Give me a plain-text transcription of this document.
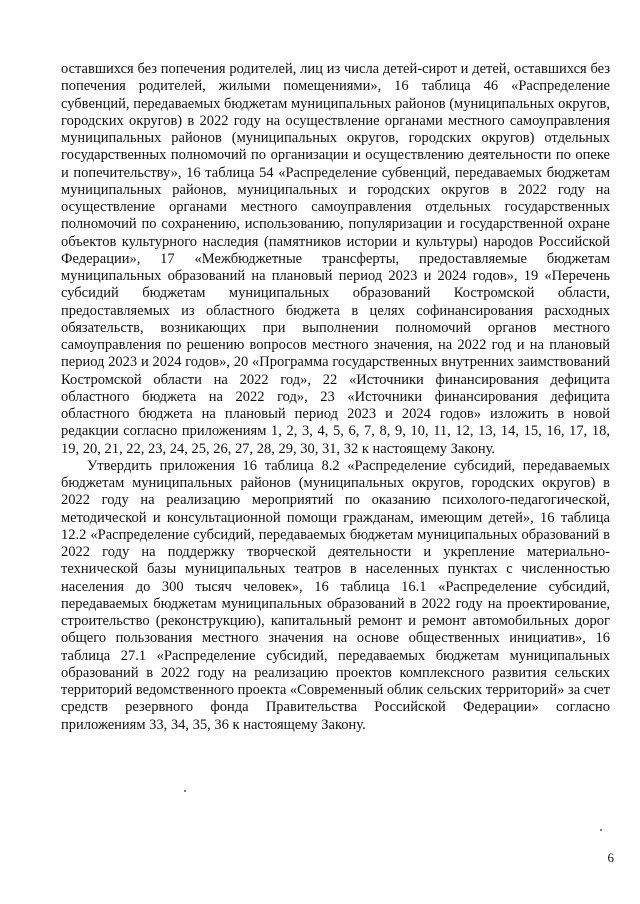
оставшихся без попечения родителей, лиц из числа детей-сирот и детей, оставшихся без попечения родителей, жилыми помещениями», 16 таблица 46 «Распределение субвенций, передаваемых бюджетам муниципальных районов (муниципальных округов, городских округов) в 2022 году на осуществление органами местного самоуправления муниципальных районов (муниципальных округов, городских округов) отдельных государственных полномочий по организации и осуществлению деятельности по опеке и попечительству», 16 таблица 54 «Распределение субвенций, передаваемых бюджетам муниципальных районов, муниципальных и городских округов в 2022 году на осуществление органами местного самоуправления отдельных государственных полномочий по сохранению, использованию, популяризации и государственной охране объектов культурного наследия (памятников истории и культуры) народов Российской Федерации», 17 «Межбюджетные трансферты, предоставляемые бюджетам муниципальных образований на плановый период 2023 и 2024 годов», 19 «Перечень субсидий бюджетам муниципальных образований Костромской области, предоставляемых из областного бюджета в целях софинансирования расходных обязательств, возникающих при выполнении полномочий органов местного самоуправления по решению вопросов местного значения, на 2022 год и на плановый период 2023 и 2024 годов», 20 «Программа государственных внутренних заимствований Костромской области на 2022 год», 22 «Источники финансирования дефицита областного бюджета на 2022 год», 23 «Источники финансирования дефицита областного бюджета на плановый период 2023 и 2024 годов» изложить в новой редакции согласно приложениям 1, 2, 3, 4, 5, 6, 7, 8, 9, 10, 11, 12, 13, 14, 15, 16, 17, 18, 19, 20, 21, 22, 23, 24, 25, 26, 27, 28, 29, 30, 31, 32 к настоящему Закону.

Утвердить приложения 16 таблица 8.2 «Распределение субсидий, передаваемых бюджетам муниципальных районов (муниципальных округов, городских округов) в 2022 году на реализацию мероприятий по оказанию психолого-педагогической, методической и консультационной помощи гражданам, имеющим детей», 16 таблица 12.2 «Распределение субсидий, передаваемых бюджетам муниципальных образований в 2022 году на поддержку творческой деятельности и укрепление материально-технической базы муниципальных театров в населенных пунктах с численностью населения до 300 тысяч человек», 16 таблица 16.1 «Распределение субсидий, передаваемых бюджетам муниципальных образований в 2022 году на проектирование, строительство (реконструкцию), капитальный ремонт и ремонт автомобильных дорог общего пользования местного значения на основе общественных инициатив», 16 таблица 27.1 «Распределение субсидий, передаваемых бюджетам муниципальных образований в 2022 году на реализацию проектов комплексного развития сельских территорий ведомственного проекта «Современный облик сельских территорий» за счет средств резервного фонда Правительства Российской Федерации» согласно приложениям 33, 34, 35, 36 к настоящему Закону.

6
